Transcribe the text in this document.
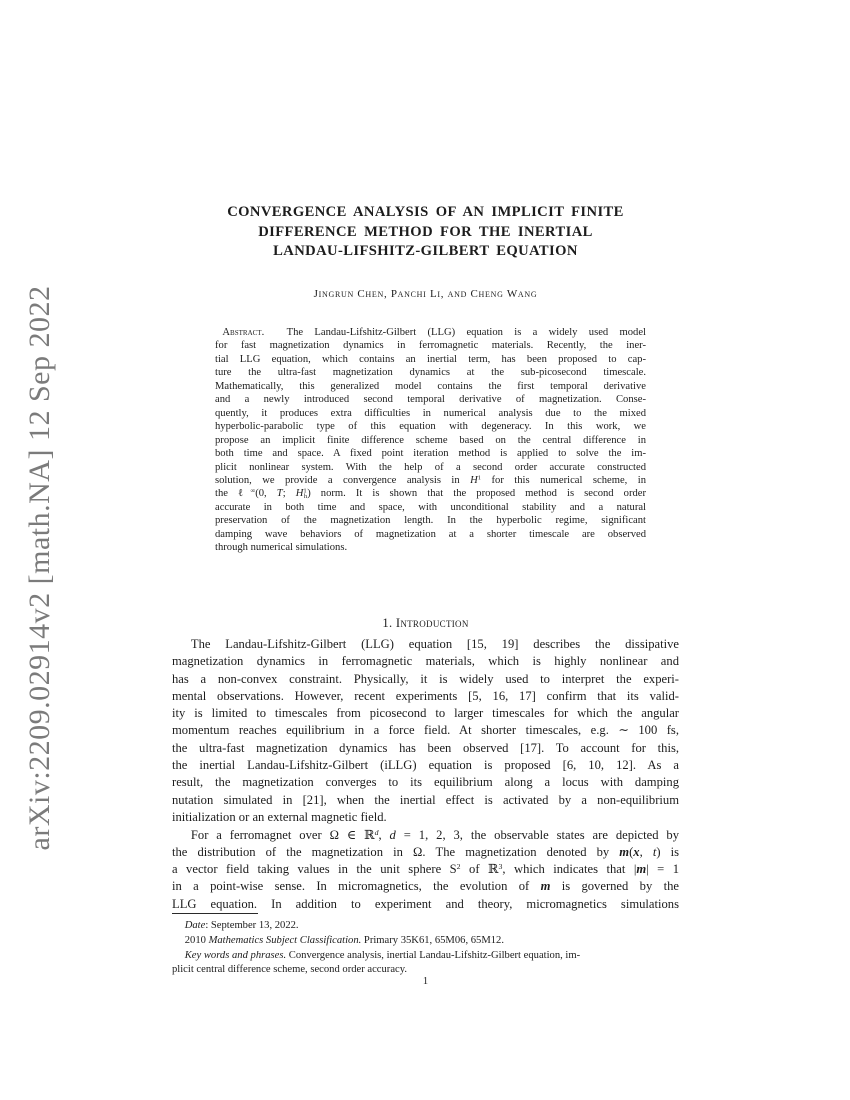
arXiv:2209.02914v2 [math.NA] 12 Sep 2022
CONVERGENCE ANALYSIS OF AN IMPLICIT FINITE
DIFFERENCE METHOD FOR THE INERTIAL
LANDAU-LIFSHITZ-GILBERT EQUATION
Jingrun Chen, Panchi Li, and Cheng Wang
Abstract.  The Landau-Lifshitz-Gilbert (LLG) equation is a widely used model
for fast magnetization dynamics in ferromagnetic materials. Recently, the iner-
tial LLG equation, which contains an inertial term, has been proposed to cap-
ture the ultra-fast magnetization dynamics at the sub-picosecond timescale.
Mathematically, this generalized model contains the first temporal derivative
and a newly introduced second temporal derivative of magnetization. Conse-
quently, it produces extra difficulties in numerical analysis due to the mixed
hyperbolic-parabolic type of this equation with degeneracy. In this work, we
propose an implicit finite difference scheme based on the central difference in
both time and space. A fixed point iteration method is applied to solve the im-
plicit nonlinear system. With the help of a second order accurate constructed
solution, we provide a convergence analysis in $H^1$ for this numerical scheme, in
the ℓ∞(0, T; $H^1_h$) norm. It is shown that the proposed method is second order
accurate in both time and space, with unconditional stability and a natural
preservation of the magnetization length. In the hyperbolic regime, significant
damping wave behaviors of magnetization at a shorter timescale are observed
through numerical simulations.
1. Introduction
The Landau-Lifshitz-Gilbert (LLG) equation [15, 19] describes the dissipative
magnetization dynamics in ferromagnetic materials, which is highly nonlinear and
has a non-convex constraint. Physically, it is widely used to interpret the experi-
mental observations. However, recent experiments [5, 16, 17] confirm that its valid-
ity is limited to timescales from picosecond to larger timescales for which the angular
momentum reaches equilibrium in a force field. At shorter timescales, e.g. ∼ 100 fs,
the ultra-fast magnetization dynamics has been observed [17]. To account for this,
the inertial Landau-Lifshitz-Gilbert (iLLG) equation is proposed [6, 10, 12]. As a
result, the magnetization converges to its equilibrium along a locus with damping
nutation simulated in [21], when the inertial effect is activated by a non-equilibrium
initialization or an external magnetic field.
For a ferromagnet over Ω ∈ ℝ$^d$, d = 1, 2, 3, the observable states are depicted by
the distribution of the magnetization in Ω. The magnetization denoted by m(x, t) is
a vector field taking values in the unit sphere $S^2$ of ℝ$^3$, which indicates that |m| = 1
in a point-wise sense. In micromagnetics, the evolution of m is governed by the
LLG equation. In addition to experiment and theory, micromagnetics simulations
Date: September 13, 2022.
2010 Mathematics Subject Classification. Primary 35K61, 65M06, 65M12.
Key words and phrases. Convergence analysis, inertial Landau-Lifshitz-Gilbert equation, im-
plicit central difference scheme, second order accuracy.
1
